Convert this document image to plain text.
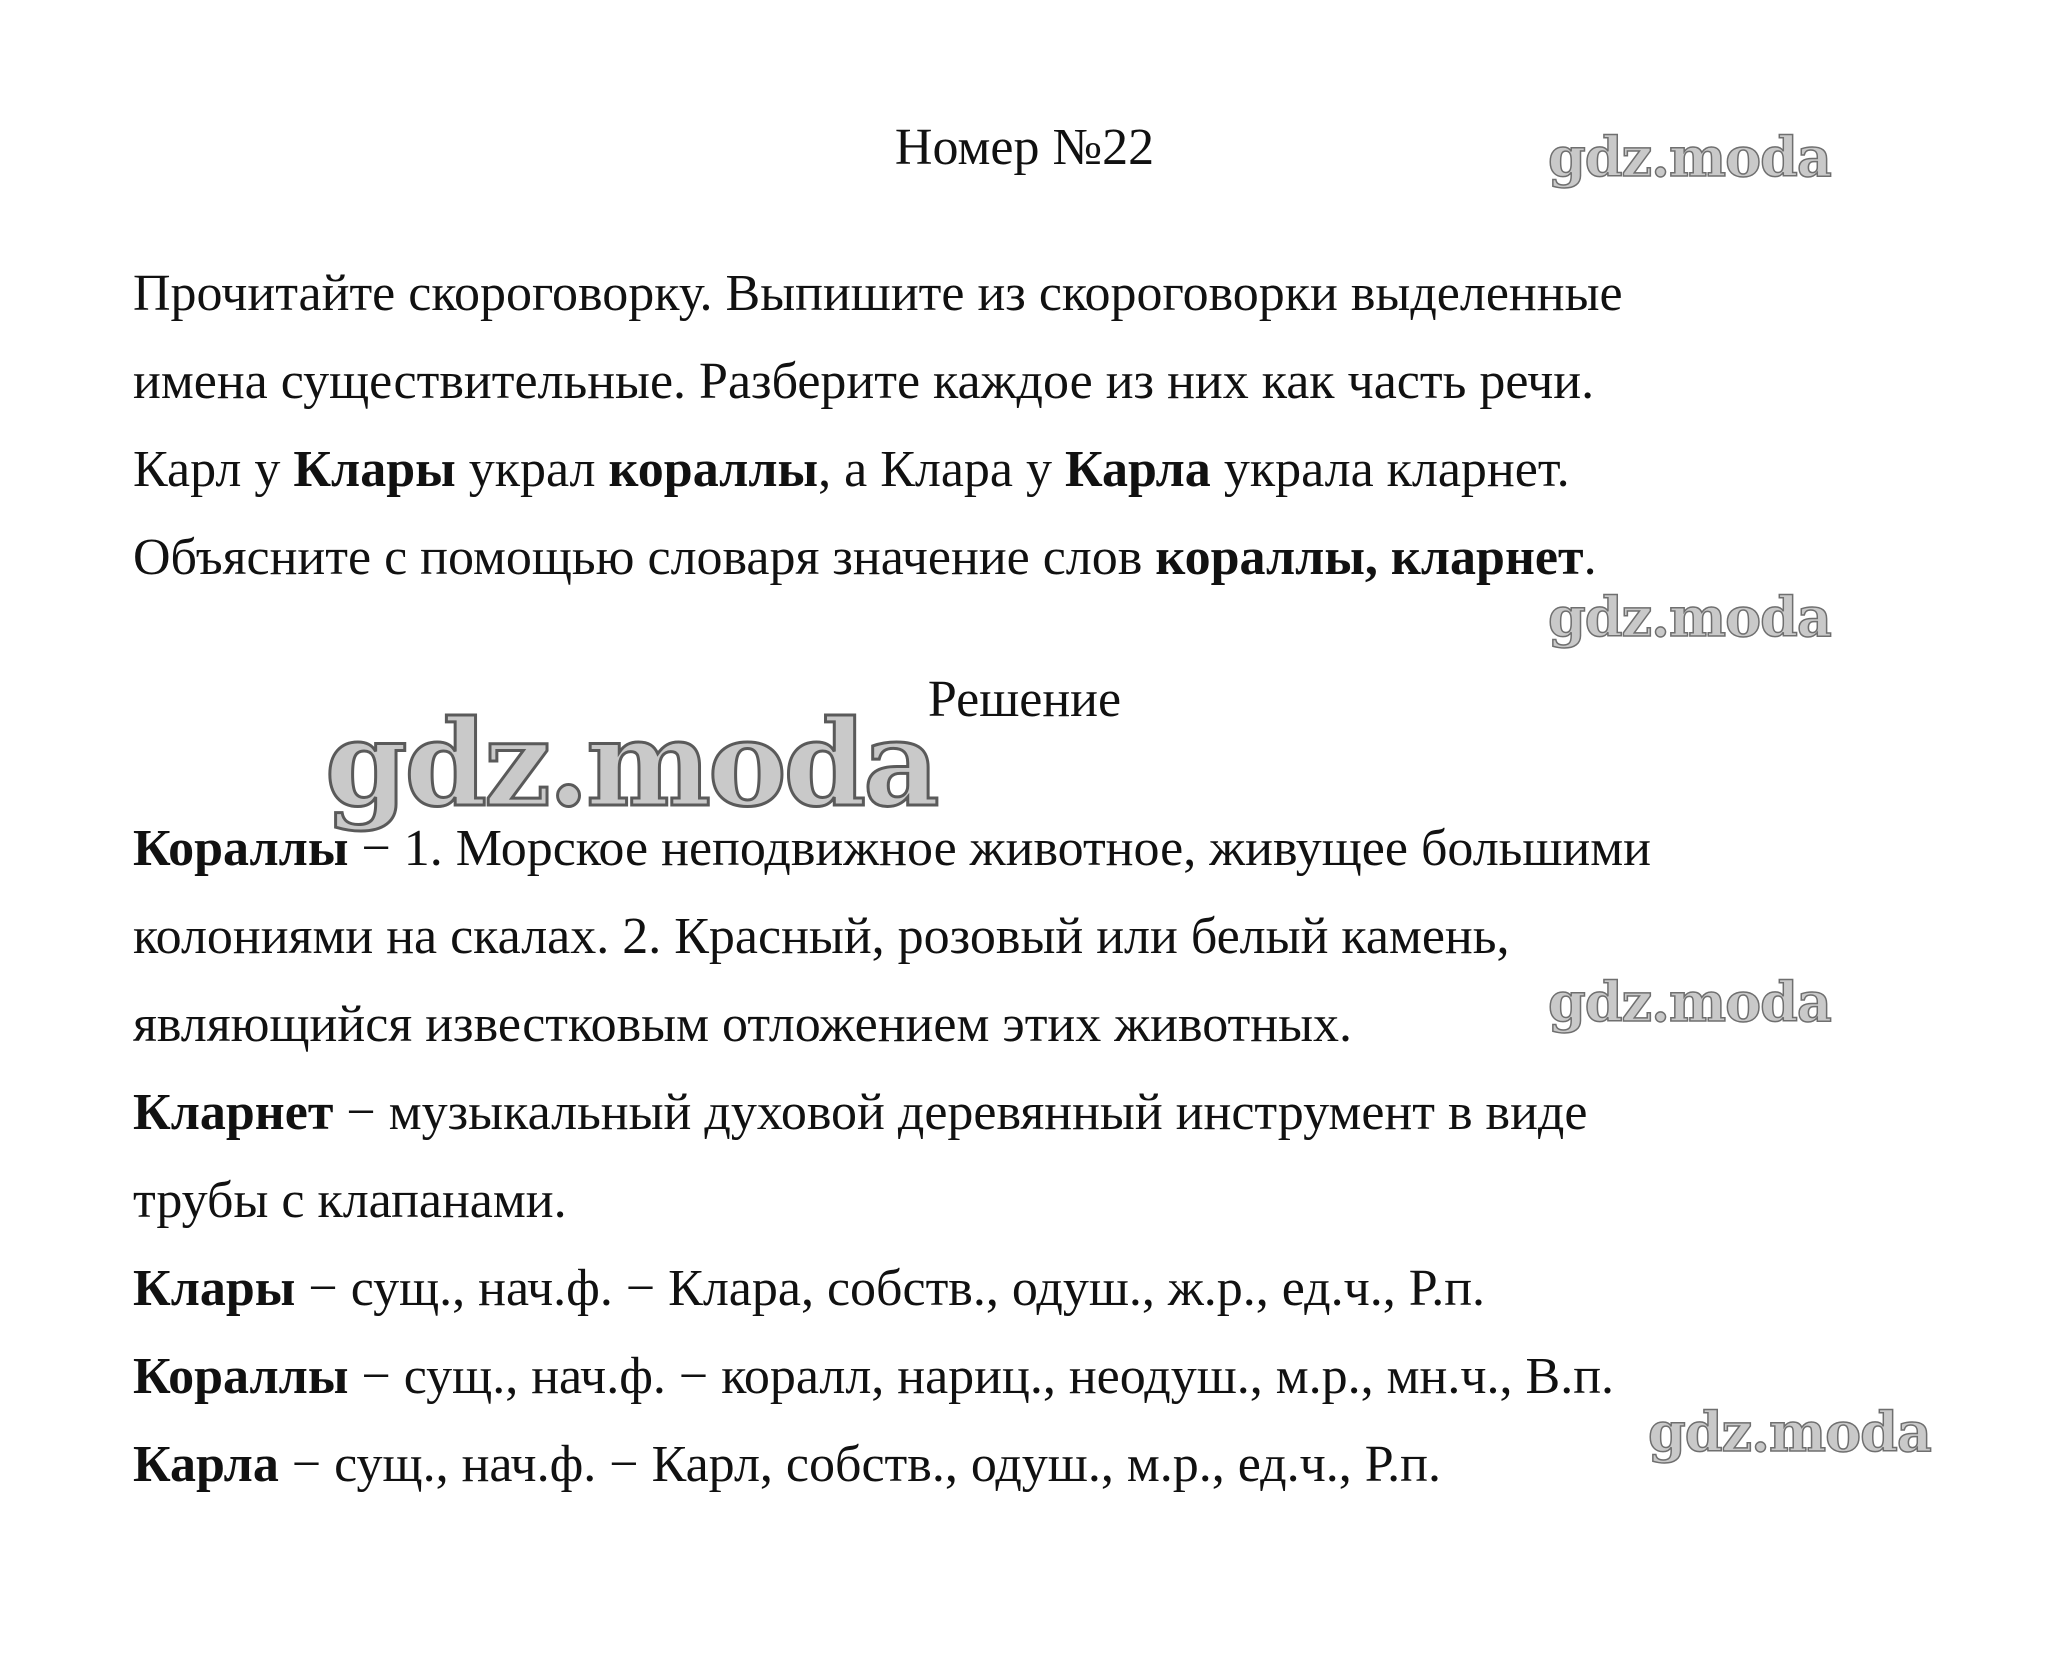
Номер №22

Прочитайте скороговорку. Выпишите из скороговорки выделенные

имена существительные. Разберите каждое из них как часть речи.

Карл у Клары украл кораллы, а Клара у Карла украла кларнет.

Объясните с помощью словаря значение слов кораллы, кларнет.

Решение

Кораллы − 1. Морское неподвижное животное, живущее большими

колониями на скалах. 2. Красный, розовый или белый камень,

являющийся известковым отложением этих животных.

Кларнет − музыкальный духовой деревянный инструмент в виде

трубы с клапанами.

Клары − сущ., нач.ф. − Клара, собств., одуш., ж.р., ед.ч., Р.п.

Кораллы − сущ., нач.ф. − коралл, нариц., неодуш., м.р., мн.ч., В.п.

Карла − сущ., нач.ф. − Карл, собств., одуш., м.р., ед.ч., Р.п.

gdz.moda
gdz.moda
gdz.moda
gdz.moda
gdz.moda
